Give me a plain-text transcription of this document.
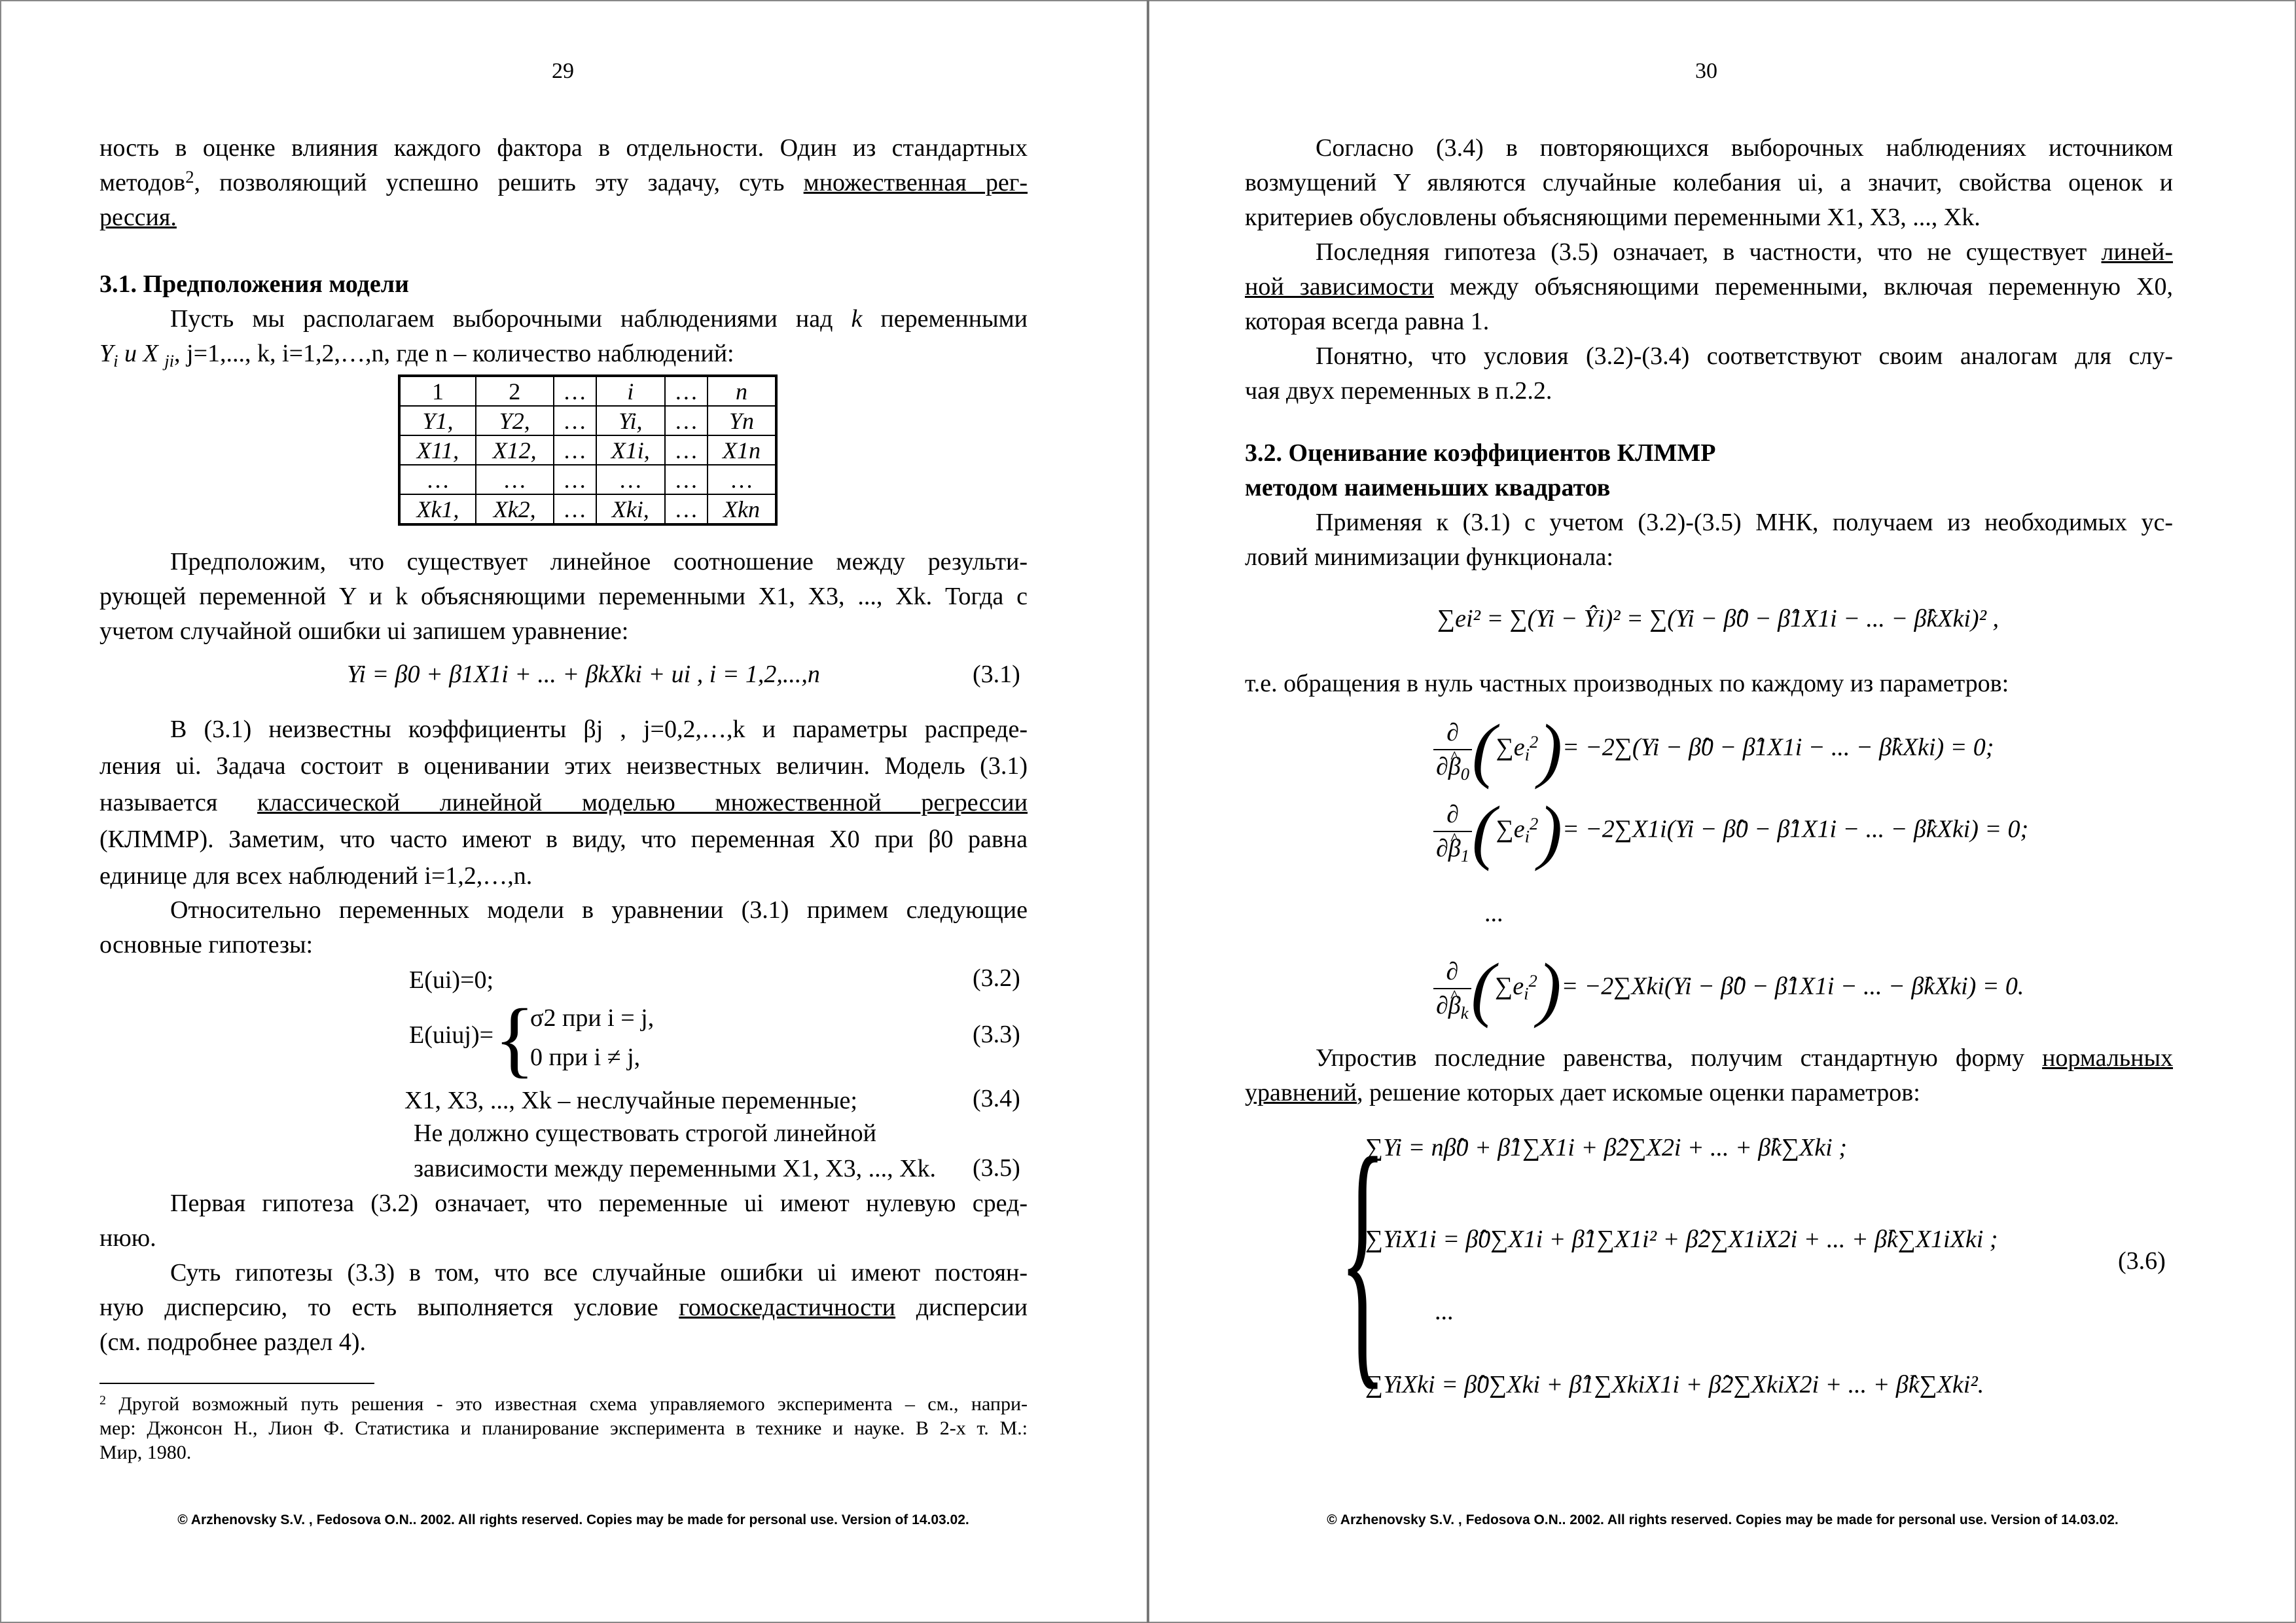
29

ность в оценке влияния каждого фактора в отдельности. Один из стандартных

методов$^2$, позволяющий успешно решить эту задачу, суть множественная рег-

рессия.

3.1. Предположения модели

Пусть мы располагаем выборочными наблюдениями над k переменными

$Y_i$ и X $_{ji}$, j=1,..., k, i=1,2,…,n, где n – количество наблюдений:

1	2	…	i	…	n
Y1,	Y2,	…	Yi,	…	Yn
X11,	X12,	…	X1i,	…	X1n
…	…	…	…	…	…
Xk1,	Xk2,	…	Xki,	…	Xkn

Предположим, что существует линейное соотношение между результи-

рующей переменной Y и k объясняющими переменными X1, X3, ..., Xk. Тогда с

учетом случайной ошибки ui запишем уравнение:

Yi = β0 + β1X1i + ... + βkXki + ui , i = 1,2,...,n	(3.1)

В (3.1) неизвестны коэффициенты βj , j=0,2,…,k и параметры распреде-

ления ui. Задача состоит в оценивании этих неизвестных величин. Модель (3.1)

называется классической линейной моделью множественной регрессии

(КЛММР). Заметим, что часто имеют в виду, что переменная X0 при β0 равна

единице для всех наблюдений i=1,2,…,n.

Относительно переменных модели в уравнении (3.1) примем следующие

основные гипотезы:

E(ui)=0;	(3.2)
E(uiuj)= {
σ2 при i = j,
0 при i ≠ j,
(3.3)
X1, X3, ..., Xk – неслучайные переменные;	(3.4)
Не должно существовать строгой линейной
зависимости между переменными X1, X3, ..., Xk. (3.5)

Первая гипотеза (3.2) означает, что переменные ui имеют нулевую сред-

нюю.

Суть гипотезы (3.3) в том, что все случайные ошибки ui имеют постоян-

ную дисперсию, то есть выполняется условие гомоскедастичности дисперсии

(см. подробнее раздел 4).

$^2$ Другой возможный путь решения - это известная схема управляемого эксперимента – см., напри-
мер: Джонсон Н., Лион Ф. Статистика и планирование эксперимента в технике и науке. В 2-х т. М.:
Мир, 1980.
© Arzhenovsky S.V. , Fedosova O.N.. 2002. All rights reserved. Copies may be made for personal use. Version of 14.03.02.
30

Согласно (3.4) в повторяющихся выборочных наблюдениях источником

возмущений Y являются случайные колебания ui, а значит, свойства оценок и

критериев обусловлены объясняющими переменными X1, X3, ..., Xk.

Последняя гипотеза (3.5) означает, в частности, что не существует линей-

ной зависимости между объясняющими переменными, включая переменную X0,

которая всегда равна 1.

Понятно, что условия (3.2)-(3.4) соответствуют своим аналогам для слу-

чая двух переменных в п.2.2.

3.2. Оценивание коэффициентов КЛММР

методом наименьших квадратов

Применяя к (3.1) с учетом (3.2)-(3.5) МНК, получаем из необходимых ус-

ловий минимизации функционала:

∑ei² = ∑(Yi − Ŷi)² = ∑(Yi − β̂0 − β̂1X1i − ... − β̂kXki)² ,

т.е. обращения в нуль частных производных по каждому из параметров:

$\frac{\partial}{\partial\^{} \beta_0} (\sum e_i^2)= -2\sum(Yi$ − β̂0 − β̂1X1i − ... − β̂kXki) = 0;
$\frac{\partial}{\partial\^{} \beta_1} (\sum e_i^2)= -2\sum X1i(Yi$ − β̂0 − β̂1X1i − ... − β̂kXki) = 0;
...
$\frac{\partial}{\partial\^{} \beta_k} (\sum e_i^2)= -2\sum Xki(Yi$ − β̂0 − β̂1X1i − ... − β̂kXki) = 0.

Упростив последние равенства, получим стандартную форму нормальных

уравнений, решение которых дает искомые оценки параметров:

{
∑Yi = nβ̂0 + β̂1∑X1i + β̂2∑X2i + ... + β̂k∑Xki ;
∑YiX1i = β̂0∑X1i + β̂1∑X1i² + β̂2∑X1iX2i + ... + β̂k∑X1iXki ;
...
∑YiXki = β̂0∑Xki + β̂1∑XkiX1i + β̂2∑XkiX2i + ... + β̂k∑Xki².
(3.6)
© Arzhenovsky S.V. , Fedosova O.N.. 2002. All rights reserved. Copies may be made for personal use. Version of 14.03.02.
